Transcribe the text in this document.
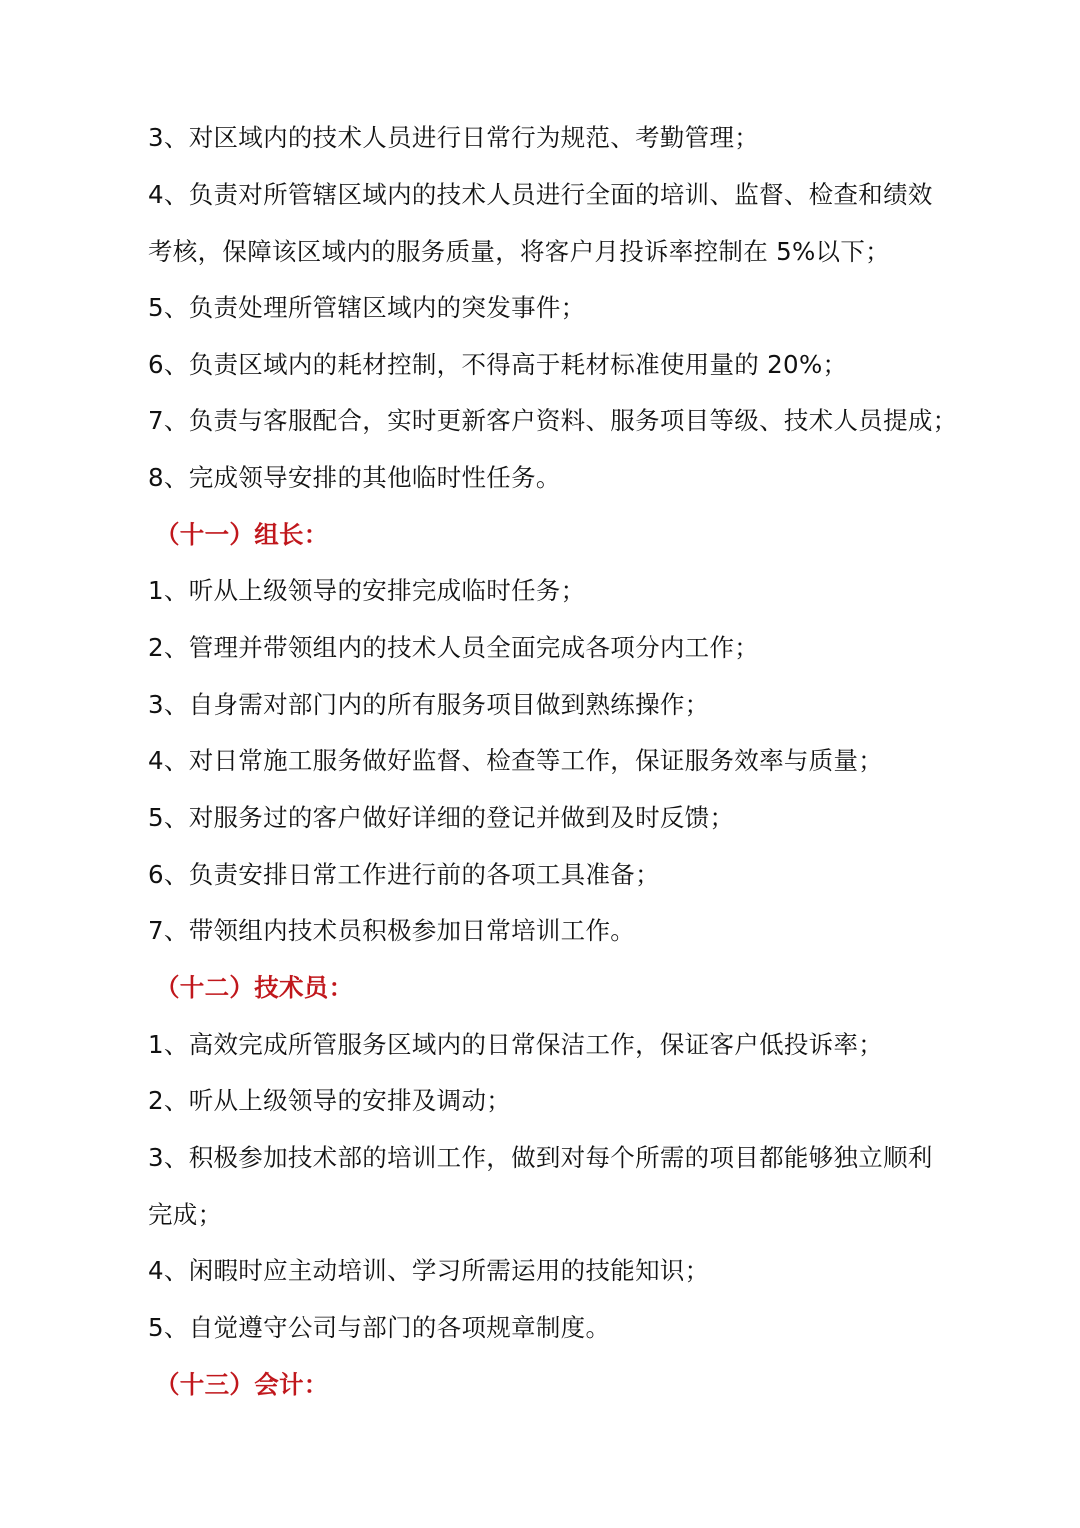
3、对区域内的技术人员进行日常行为规范、考勤管理；
4、负责对所管辖区域内的技术人员进行全面的培训、监督、检查和绩效
考核，保障该区域内的服务质量，将客户月投诉率控制在 5%以下；
5、负责处理所管辖区域内的突发事件；
6、负责区域内的耗材控制，不得高于耗材标准使用量的 20%；
7、负责与客服配合，实时更新客户资料、服务项目等级、技术人员提成；
8、完成领导安排的其他临时性任务。
（十一）组长：
1、听从上级领导的安排完成临时任务；
2、管理并带领组内的技术人员全面完成各项分内工作；
3、自身需对部门内的所有服务项目做到熟练操作；
4、对日常施工服务做好监督、检查等工作，保证服务效率与质量；
5、对服务过的客户做好详细的登记并做到及时反馈；
6、负责安排日常工作进行前的各项工具准备；
7、带领组内技术员积极参加日常培训工作。
（十二）技术员：
1、高效完成所管服务区域内的日常保洁工作，保证客户低投诉率；
2、听从上级领导的安排及调动；
3、积极参加技术部的培训工作，做到对每个所需的项目都能够独立顺利
完成；
4、闲暇时应主动培训、学习所需运用的技能知识；
5、自觉遵守公司与部门的各项规章制度。
（十三）会计：
